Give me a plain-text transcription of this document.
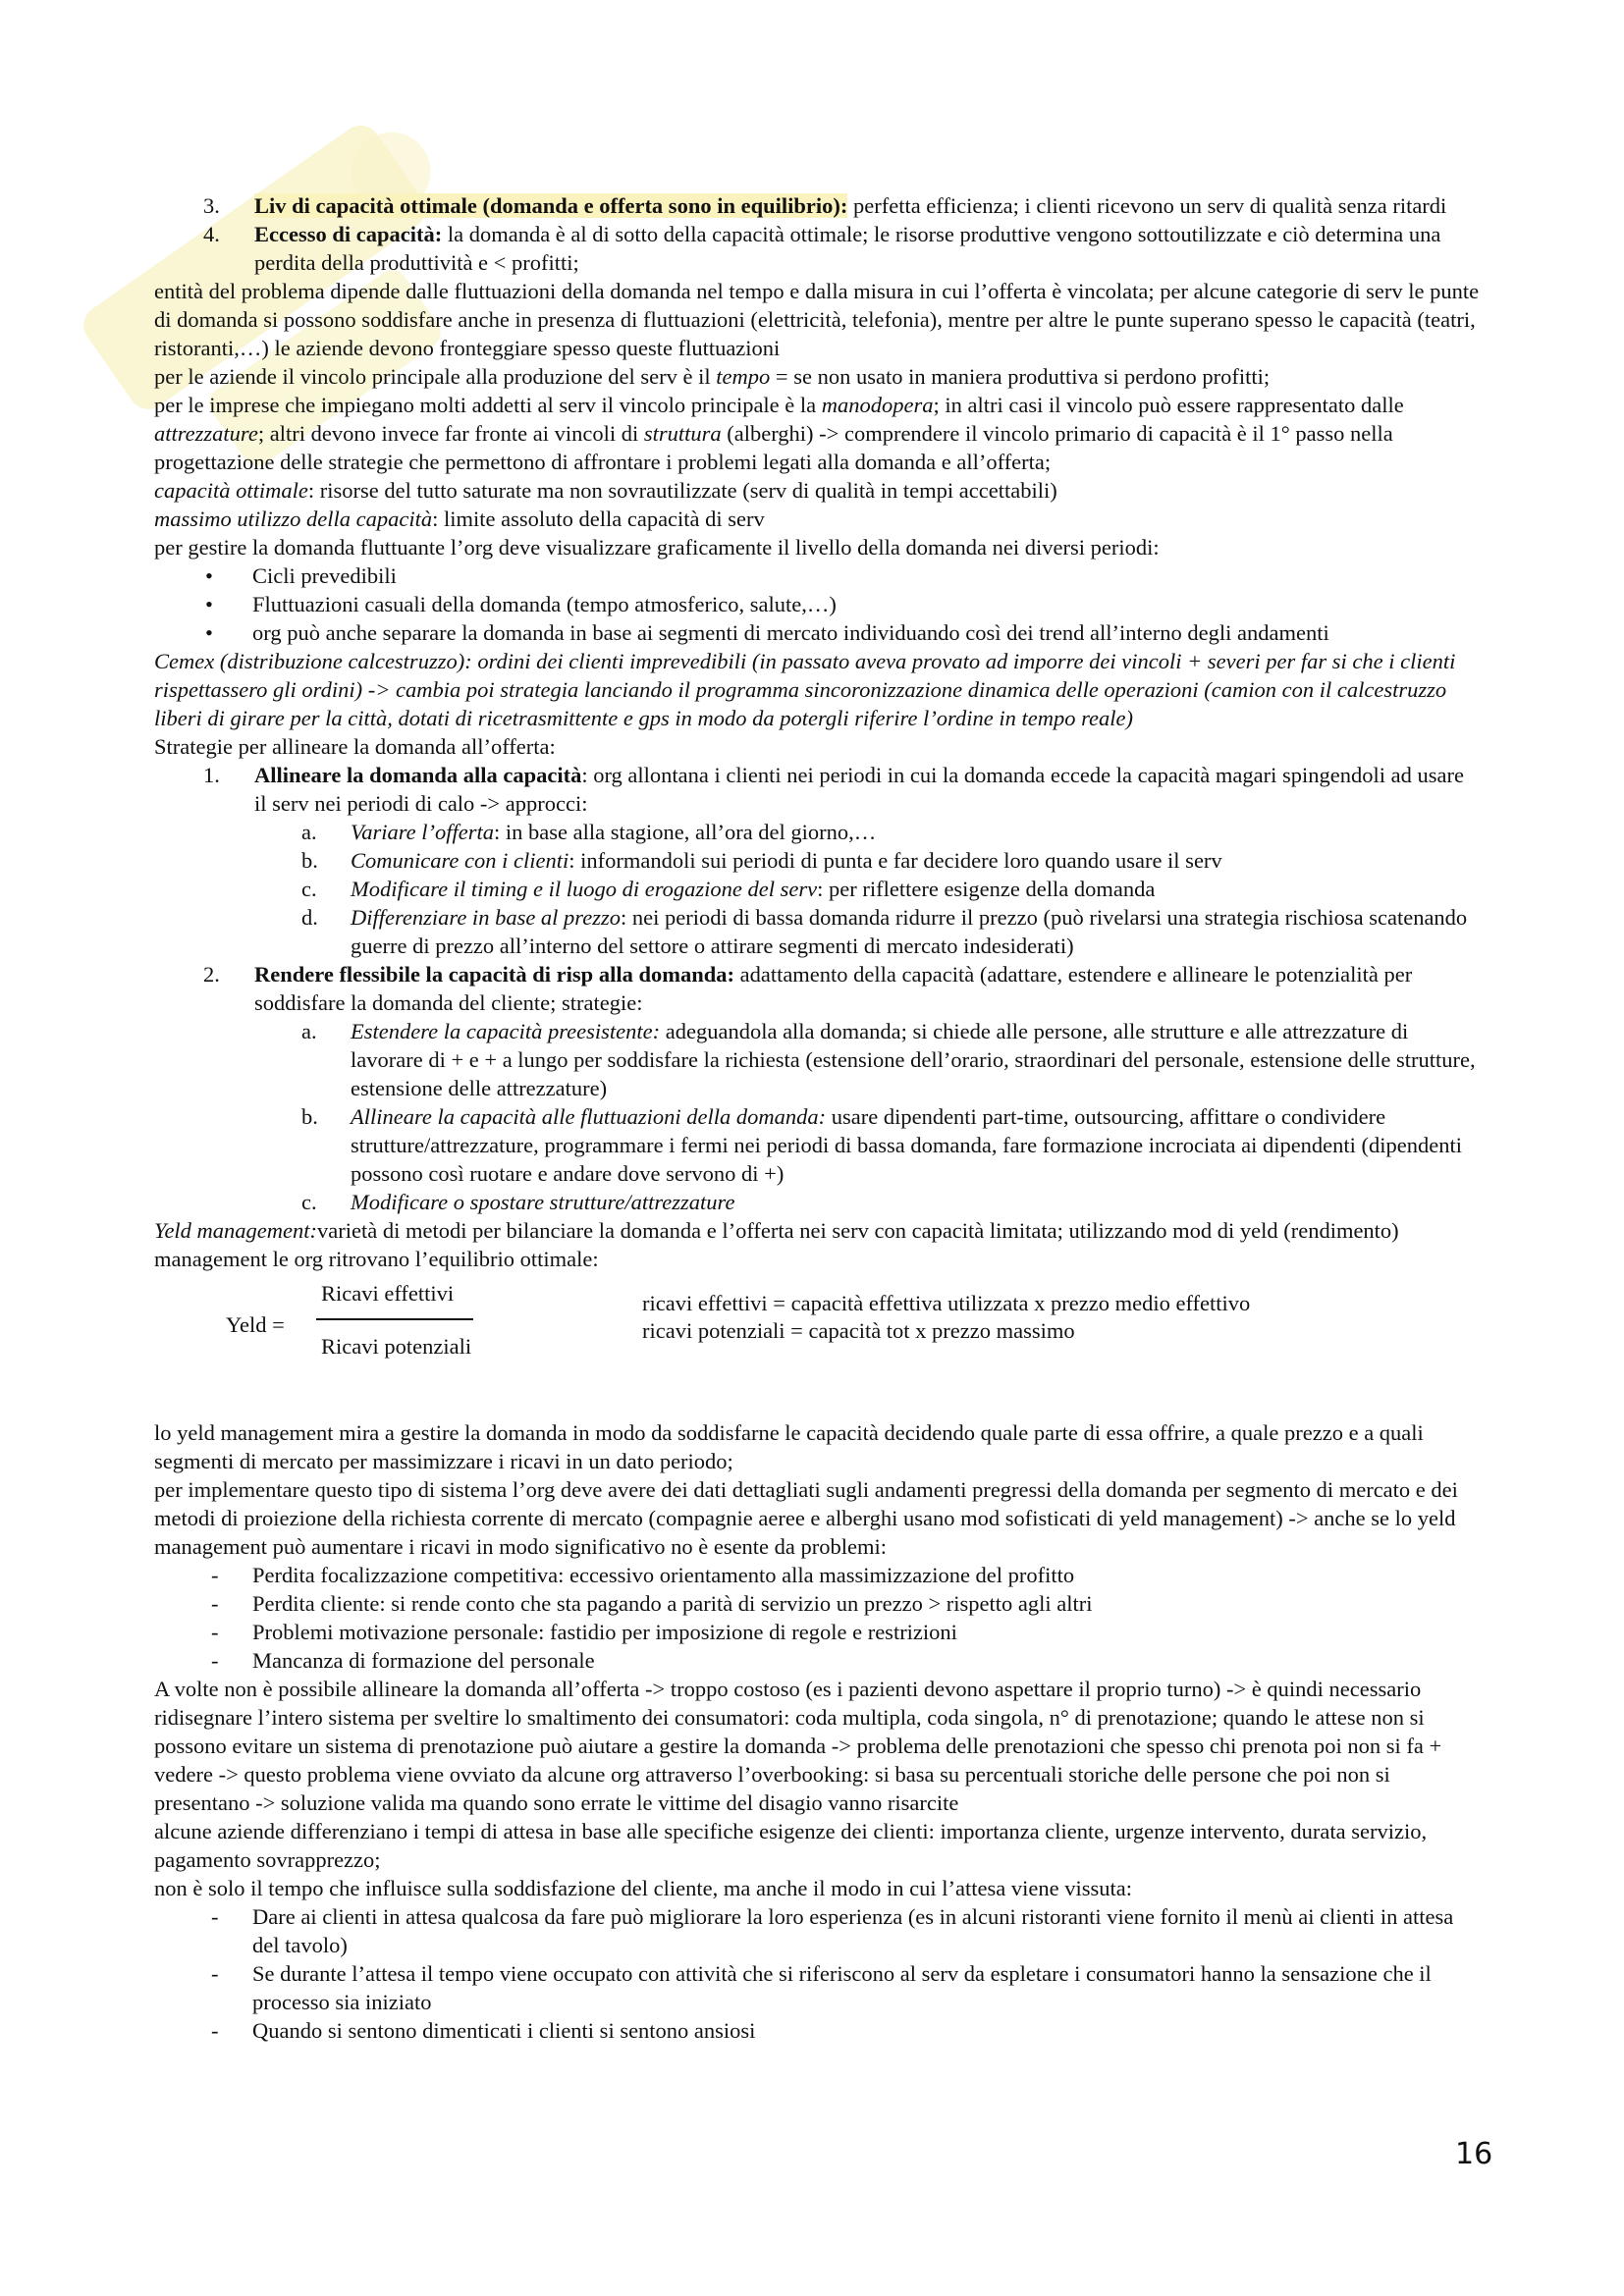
3. Liv di capacità ottimale (domanda e offerta sono in equilibrio): perfetta efficienza; i clienti ricevono un serv di qualità senza ritardi
4. Eccesso di capacità: la domanda è al di sotto della capacità ottimale; le risorse produttive vengono sottoutilizzate e ciò determina una perdita della produttività e < profitti;

entità del problema dipende dalle fluttuazioni della domanda nel tempo e dalla misura in cui l’offerta è vincolata; per alcune categorie di serv le punte di domanda si possono soddisfare anche in presenza di fluttuazioni (elettricità, telefonia), mentre per altre le punte superano spesso le capacità (teatri, ristoranti,…) le aziende devono fronteggiare spesso queste fluttuazioni

per le aziende il vincolo principale alla produzione del serv è il tempo = se non usato in maniera produttiva si perdono profitti;

per le imprese che impiegano molti addetti al serv il vincolo principale è la manodopera; in altri casi il vincolo può essere rappresentato dalle attrezzature; altri devono invece far fronte ai vincoli di struttura (alberghi) -> comprendere il vincolo primario di capacità è il 1° passo nella progettazione delle strategie che permettono di affrontare i problemi legati alla domanda e all’offerta;

capacità ottimale: risorse del tutto saturate ma non sovrautilizzate (serv di qualità in tempi accettabili)

massimo utilizzo della capacità: limite assoluto della capacità di serv

per gestire la domanda fluttuante l’org deve visualizzare graficamente il livello della domanda nei diversi periodi:

• Cicli prevedibili
• Fluttuazioni casuali della domanda (tempo atmosferico, salute,…)
• org può anche separare la domanda in base ai segmenti di mercato individuando così dei trend all’interno degli andamenti

Cemex (distribuzione calcestruzzo): ordini dei clienti imprevedibili (in passato aveva provato ad imporre dei vincoli + severi per far si che i clienti rispettassero gli ordini) -> cambia poi strategia lanciando il programma sincoronizzazione dinamica delle operazioni (camion con il calcestruzzo liberi di girare per la città, dotati di ricetrasmittente e gps in modo da potergli riferire l’ordine in tempo reale)

Strategie per allineare la domanda all’offerta:

1. Allineare la domanda alla capacità: org allontana i clienti nei periodi in cui la domanda eccede la capacità magari spingendoli ad usare il serv nei periodi di calo -> approcci:
a. Variare l’offerta: in base alla stagione, all’ora del giorno,…
b. Comunicare con i clienti: informandoli sui periodi di punta e far decidere loro quando usare il serv
c. Modificare il timing e il luogo di erogazione del serv: per riflettere esigenze della domanda
d. Differenziare in base al prezzo: nei periodi di bassa domanda ridurre il prezzo (può rivelarsi una strategia rischiosa scatenando guerre di prezzo all’interno del settore o attirare segmenti di mercato indesiderati)
2. Rendere flessibile la capacità di risp alla domanda: adattamento della capacità (adattare, estendere e allineare le potenzialità per soddisfare la domanda del cliente; strategie:
a. Estendere la capacità preesistente: adeguandola alla domanda; si chiede alle persone, alle strutture e alle attrezzature di lavorare di + e + a lungo per soddisfare la richiesta (estensione dell’orario, straordinari del personale, estensione delle strutture, estensione delle attrezzature)
b. Allineare la capacità alle fluttuazioni della domanda: usare dipendenti part-time, outsourcing, affittare o condividere strutture/attrezzature, programmare i fermi nei periodi di bassa domanda, fare formazione incrociata ai dipendenti (dipendenti possono così ruotare e andare dove servono di +)
c. Modificare o spostare strutture/attrezzature

Yeld management:varietà di metodi per bilanciare la domanda e l’offerta nei serv con capacità limitata; utilizzando mod di yeld (rendimento) management le org ritrovano l’equilibrio ottimale:

Yeld =
Ricavi effettivi
Ricavi potenziali
ricavi effettivi = capacità effettiva utilizzata x prezzo medio effettivo
ricavi potenziali = capacità tot x prezzo massimo

lo yeld management mira a gestire la domanda in modo da soddisfarne le capacità decidendo quale parte di essa offrire, a quale prezzo e a quali segmenti di mercato per massimizzare i ricavi in un dato periodo;

per implementare questo tipo di sistema l’org deve avere dei dati dettagliati sugli andamenti pregressi della domanda per segmento di mercato e dei metodi di proiezione della richiesta corrente di mercato (compagnie aeree e alberghi usano mod sofisticati di yeld management) -> anche se lo yeld management può aumentare i ricavi in modo significativo no è esente da problemi:

- Perdita focalizzazione competitiva: eccessivo orientamento alla massimizzazione del profitto
- Perdita cliente: si rende conto che sta pagando a parità di servizio un prezzo > rispetto agli altri
- Problemi motivazione personale: fastidio per imposizione di regole e restrizioni
- Mancanza di formazione del personale

A volte non è possibile allineare la domanda all’offerta -> troppo costoso (es i pazienti devono aspettare il proprio turno) -> è quindi necessario ridisegnare l’intero sistema per sveltire lo smaltimento dei consumatori: coda multipla, coda singola, n° di prenotazione; quando le attese non si possono evitare un sistema di prenotazione può aiutare a gestire la domanda -> problema delle prenotazioni che spesso chi prenota poi non si fa + vedere -> questo problema viene ovviato da alcune org attraverso l’overbooking: si basa su percentuali storiche delle persone che poi non si presentano -> soluzione valida ma quando sono errate le vittime del disagio vanno risarcite

alcune aziende differenziano i tempi di attesa in base alle specifiche esigenze dei clienti: importanza cliente, urgenze intervento, durata servizio, pagamento sovrapprezzo;

non è solo il tempo che influisce sulla soddisfazione del cliente, ma anche il modo in cui l’attesa viene vissuta:

- Dare ai clienti in attesa qualcosa da fare può migliorare la loro esperienza (es in alcuni ristoranti viene fornito il menù ai clienti in attesa del tavolo)
- Se durante l’attesa il tempo viene occupato con attività che si riferiscono al serv da espletare i consumatori hanno la sensazione che il processo sia iniziato
- Quando si sentono dimenticati i clienti si sentono ansiosi
16
